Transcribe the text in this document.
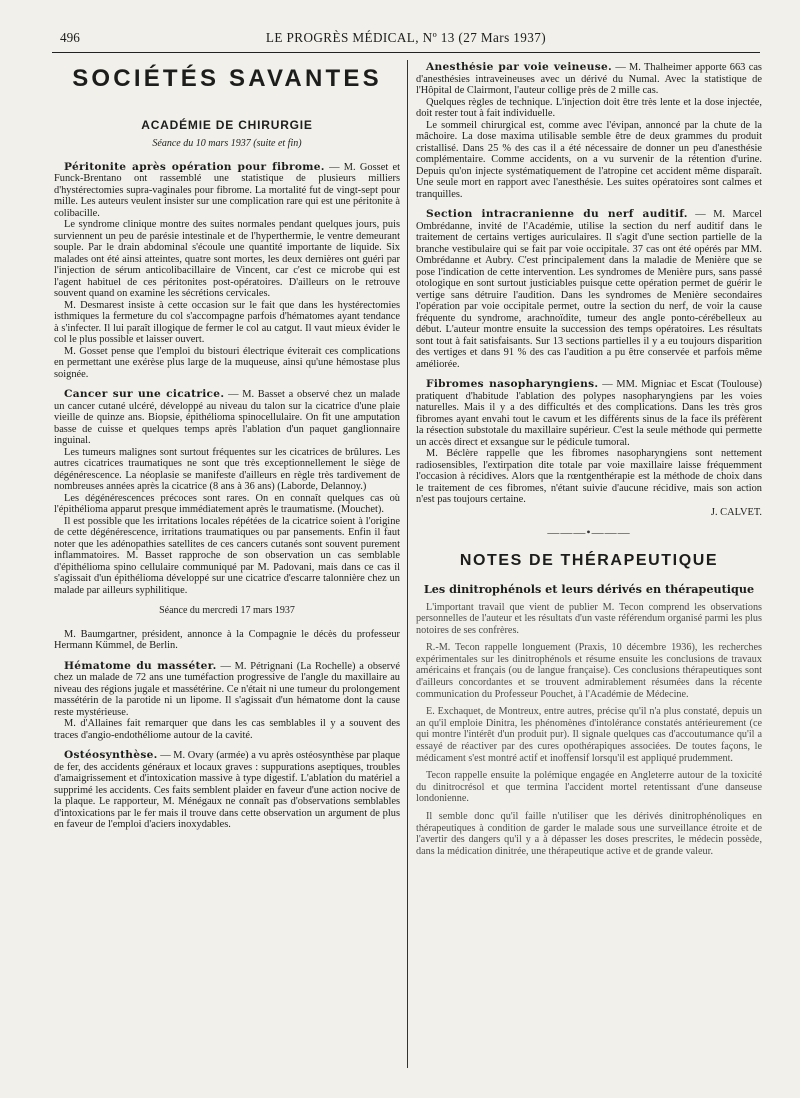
496	LE PROGRÈS MÉDICAL, Nº 13 (27 Mars 1937)
SOCIÉTÉS SAVANTES
ACADÉMIE DE CHIRURGIE
Séance du 10 mars 1937 (suite et fin)

Péritonite après opération pour fibrome. — M. Gosset et Funck-Brentano ont rassemblé une statistique de plusieurs milliers d'hystérectomies supra-vaginales pour fibrome. La mortalité fut de vingt-sept pour mille. Les auteurs veulent insister sur une complication rare qui est une péritonite à colibacille.

Le syndrome clinique montre des suites normales pendant quelques jours, puis surviennent un peu de parésie intestinale et de l'hyperthermie, le ventre demeurant souple. Par le drain abdominal s'écoule une quantité importante de liquide. Six malades ont été ainsi atteintes, quatre sont mortes, les deux dernières ont guéri par l'injection de sérum anticolibacillaire de Vincent, car c'est ce microbe qui est l'agent habituel de ces péritonites post-opératoires. D'ailleurs on le retrouve souvent quand on examine les sécrétions cervicales.

M. Desmarest insiste à cette occasion sur le fait que dans les hystérectomies isthmiques la fermeture du col s'accompagne parfois d'hématomes ayant tendance à s'infecter. Il lui paraît illogique de fermer le col au catgut. Il vaut mieux évider le col le plus possible et laisser ouvert.

M. Gosset pense que l'emploi du bistouri électrique éviterait ces complications en permettant une exérèse plus large de la muqueuse, ainsi qu'une hémostase plus soignée.

Cancer sur une cicatrice. — M. Basset a observé chez un malade un cancer cutané ulcéré, développé au niveau du talon sur la cicatrice d'une plaie vieille de quinze ans. Biopsie, épithélioma spinocellulaire. On fit une amputation basse de cuisse et quelques temps après l'ablation d'un paquet ganglionnaire inguinal.

Les tumeurs malignes sont surtout fréquentes sur les cicatrices de brûlures. Les autres cicatrices traumatiques ne sont que très exceptionnellement le siège de dégénérescence. La néoplasie se manifeste d'ailleurs en règle très tardivement de nombreuses années après la cicatrice (8 ans à 36 ans) (Laborde, Delannoy.)

Les dégénérescences précoces sont rares. On en connaît quelques cas où l'épithélioma apparut presque immédiatement après le traumatisme. (Mouchet).

Il est possible que les irritations locales répétées de la cicatrice soient à l'origine de cette dégénérescence, irritations traumatiques ou par pansements. Enfin il faut noter que les adénopathies satellites de ces cancers cutanés sont souvent purement inflammatoires. M. Basset rapproche de son observation un cas semblable d'épithélioma spino cellulaire communiqué par M. Padovani, mais dans ce cas il s'agissait d'un épithélioma développé sur une cicatrice d'escarre talonnière chez un malade par ailleurs syphilitique.

Séance du mercredi 17 mars 1937

M. Baumgartner, président, annonce à la Compagnie le décès du professeur Hermann Kümmel, de Berlin.

Hématome du masséter. — M. Pétrignani (La Rochelle) a observé chez un malade de 72 ans une tuméfaction progressive de l'angle du maxillaire au niveau des régions jugale et massétérine. Ce n'était ni une tumeur du prolongement massétérin de la parotide ni un lipome. Il s'agissait d'un hématome dont la cause reste mystérieuse.

M. d'Allaines fait remarquer que dans les cas semblables il y a souvent des traces d'angio-endothéliome autour de la cavité.

Ostéosynthèse. — M. Ovary (armée) a vu après ostéosynthèse par plaque de fer, des accidents généraux et locaux graves : suppurations aseptiques, troubles d'amaigrissement et d'intoxication massive à type digestif. L'ablation du matériel a supprimé les accidents. Ces faits semblent plaider en faveur d'une action nocive de la plaque. Le rapporteur, M. Ménégaux ne connaît pas d'observations semblables d'intoxications par le fer mais il trouve dans cette observation un argument de plus en faveur de l'emploi d'aciers inoxydables.

Anesthésie par voie veineuse. — M. Thalheimer apporte 663 cas d'anesthésies intraveineuses avec un dérivé du Numal. Avec la statistique de l'Hôpital de Clairmont, l'auteur collige près de 2 mille cas.

Quelques règles de technique. L'injection doit être très lente et la dose injectée, doit rester tout à fait individuelle.

Le sommeil chirurgical est, comme avec l'évipan, annoncé par la chute de la mâchoire. La dose maxima utilisable semble être de deux grammes du produit cristallisé. Dans 25 % des cas il a été nécessaire de donner un peu d'anesthésie complémentaire. Comme accidents, on a vu survenir de la rétention d'urine. Depuis qu'on injecte systématiquement de l'atropine cet accident même disparaît. Une seule mort en rapport avec l'anesthésie. Les suites opératoires sont calmes et tranquilles.

Section intracranienne du nerf auditif. — M. Marcel Ombrédanne, invité de l'Académie, utilise la section du nerf auditif dans le traitement de certains vertiges auriculaires. Il s'agit d'une section partielle de la branche vestibulaire qui se fait par voie occipitale. 37 cas ont été opérés par MM. Ombrédanne et Aubry. C'est principalement dans la maladie de Menière que se pose l'indication de cette intervention. Les syndromes de Menière purs, sans passé otologique en sont surtout justiciables puisque cette opération permet de guérir le vertige sans détruire l'audition. Dans les syndromes de Menière secondaires l'opération par voie occipitale permet, outre la section du nerf, de voir la cause fréquente du syndrome, arachnoïdite, tumeur des angle ponto-cérébelleux au début. L'auteur montre ensuite la succession des temps opératoires. Les résultats sont tout à fait satisfaisants. Sur 13 sections partielles il y a eu toujours disparition des vertiges et dans 91 % des cas l'audition a pu être conservée et parfois même améliorée.

Fibromes nasopharyngiens. — MM. Migniac et Escat (Toulouse) pratiquent d'habitude l'ablation des polypes nasopharyngiens par les voies naturelles. Mais il y a des difficultés et des complications. Dans les très gros fibromes ayant envahi tout le cavum et les différents sinus de la face ils préfèrent la résection substotale du maxillaire supérieur. C'est la seule méthode qui permette un accès direct et exsangue sur le pédicule tumoral.

M. Béclère rappelle que les fibromes nasopharyngiens sont nettement radiosensibles, l'extirpation dite totale par voie maxillaire laisse fréquemment l'occasion à récidives. Alors que la rœntgenthérapie est la méthode de choix dans le traitement de ces fibromes, n'étant suivie d'aucune récidive, mais son action n'est pas toujours certaine.

J. CALVET.
———•———
NOTES DE THÉRAPEUTIQUE
Les dinitrophénols et leurs dérivés en thérapeutique

L'important travail que vient de publier M. Tecon comprend les observations personnelles de l'auteur et les résultats d'un vaste référendum organisé parmi les plus notoires de ses confrères.

R.-M. Tecon rappelle longuement (Praxis, 10 décembre 1936), les recherches expérimentales sur les dinitrophénols et résume ensuite les conclusions de travaux américains et français (ou de langue française). Ces conclusions thérapeutiques sont d'ailleurs concordantes et se trouvent admirablement résumées dans la récente communication du Professeur Pouchet, à l'Académie de Médecine.

E. Exchaquet, de Montreux, entre autres, précise qu'il n'a plus constaté, depuis un an qu'il emploie Dinitra, les phénomènes d'intolérance constatés antérieurement (ce qui montre l'intérêt d'un produit pur). Il signale quelques cas d'accoutumance qu'il a essayé de réactiver par des cures opothérapiques associées. De toutes façons, le médicament s'est montré actif et inoffensif lorsqu'il est appliqué prudemment.

Tecon rappelle ensuite la polémique engagée en Angleterre autour de la toxicité du dinitrocrésol et que termina l'accident mortel retentissant d'une danseuse londonienne.

Il semble donc qu'il faille n'utiliser que les dérivés dinitrophénoliques en thérapeutiques à condition de garder le malade sous une surveillance étroite et de l'avertir des dangers qu'il y a à dépasser les doses prescrites, le médecin possède, dans la médication dinitrée, une thérapeutique active et de grande valeur.
